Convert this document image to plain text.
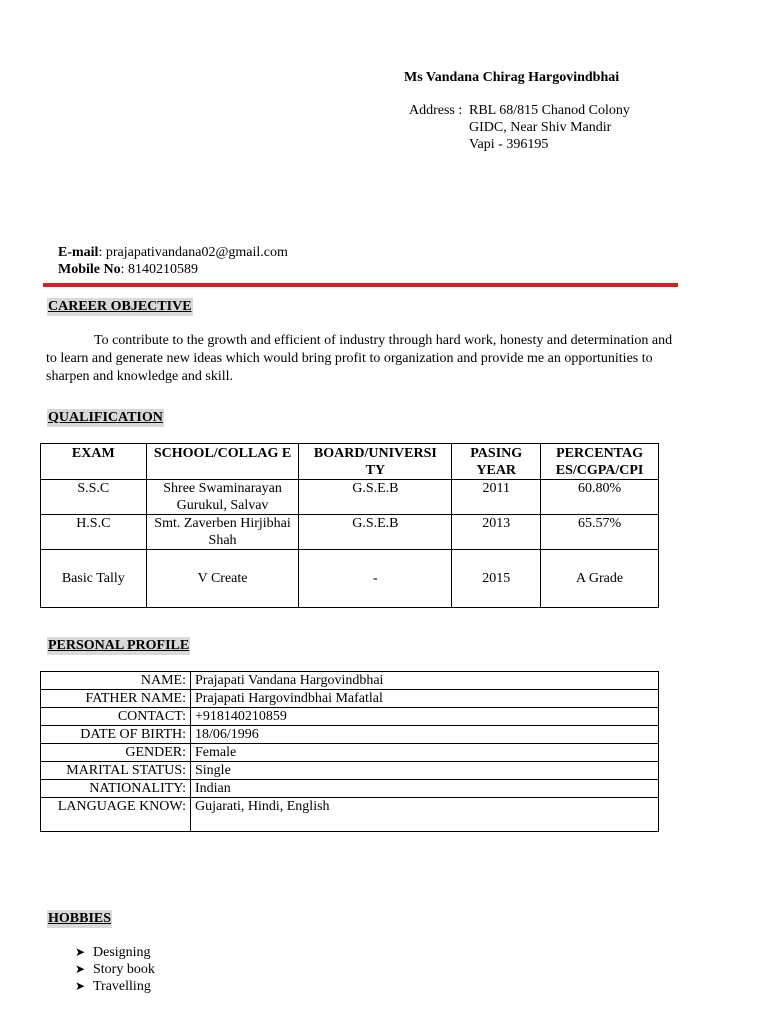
Ms Vandana Chirag Hargovindbhai
Address : RBL 68/815 Chanod Colony
GIDC, Near Shiv Mandir
Vapi - 396195
E-mail: prajapativandana02@gmail.com
Mobile No: 8140210589
CAREER OBJECTIVE
To contribute to the growth and efficient of industry through hard work, honesty and determination and to learn and generate new ideas which would bring profit to organization and provide me an opportunities to sharpen and knowledge and skill.
QUALIFICATION
EXAM	SCHOOL/COLLAG E	BOARD/UNIVERSI TY	PASING YEAR	PERCENTAG ES/CGPA/CPI
S.S.C	Shree Swaminarayan Gurukul, Salvav	G.S.E.B	2011	60.80%
H.S.C	Smt. Zaverben Hirjibhai Shah	G.S.E.B	2013	65.57%
Basic Tally	V Create	-	2015	A Grade
PERSONAL PROFILE
NAME:	Prajapati Vandana Hargovindbhai
FATHER NAME:	Prajapati Hargovindbhai Mafatlal
CONTACT:	+918140210859
DATE OF BIRTH:	18/06/1996
GENDER:	Female
MARITAL STATUS:	Single
NATIONALITY:	Indian
LANGUAGE KNOW:	Gujarati, Hindi, English
HOBBIES
➤ Designing
➤ Story book
➤ Travelling
